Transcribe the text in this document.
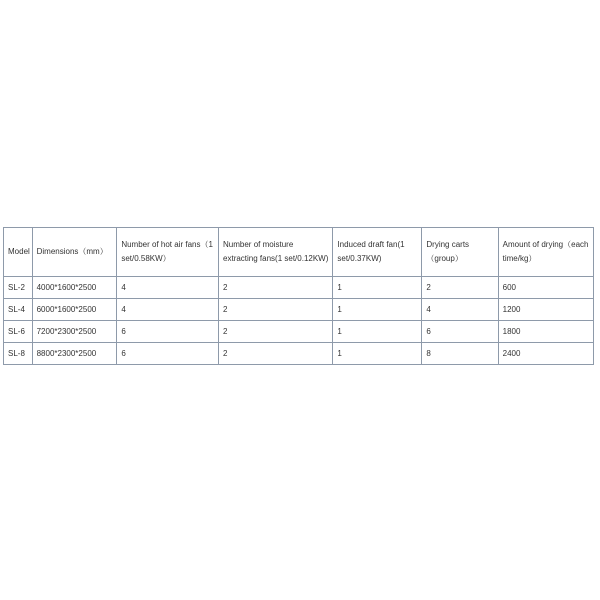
Model	Dimensions（mm）	Number of hot air fans（1 set/0.58KW）	Number of moisture extracting fans(1 set/0.12KW)	Induced draft fan(1 set/0.37KW)	Drying carts（group）	Amount of drying（each time/kg）
SL-2	4000*1600*2500	4	2	1	2	600
SL-4	6000*1600*2500	4	2	1	4	1200
SL-6	7200*2300*2500	6	2	1	6	1800
SL-8	8800*2300*2500	6	2	1	8	2400
